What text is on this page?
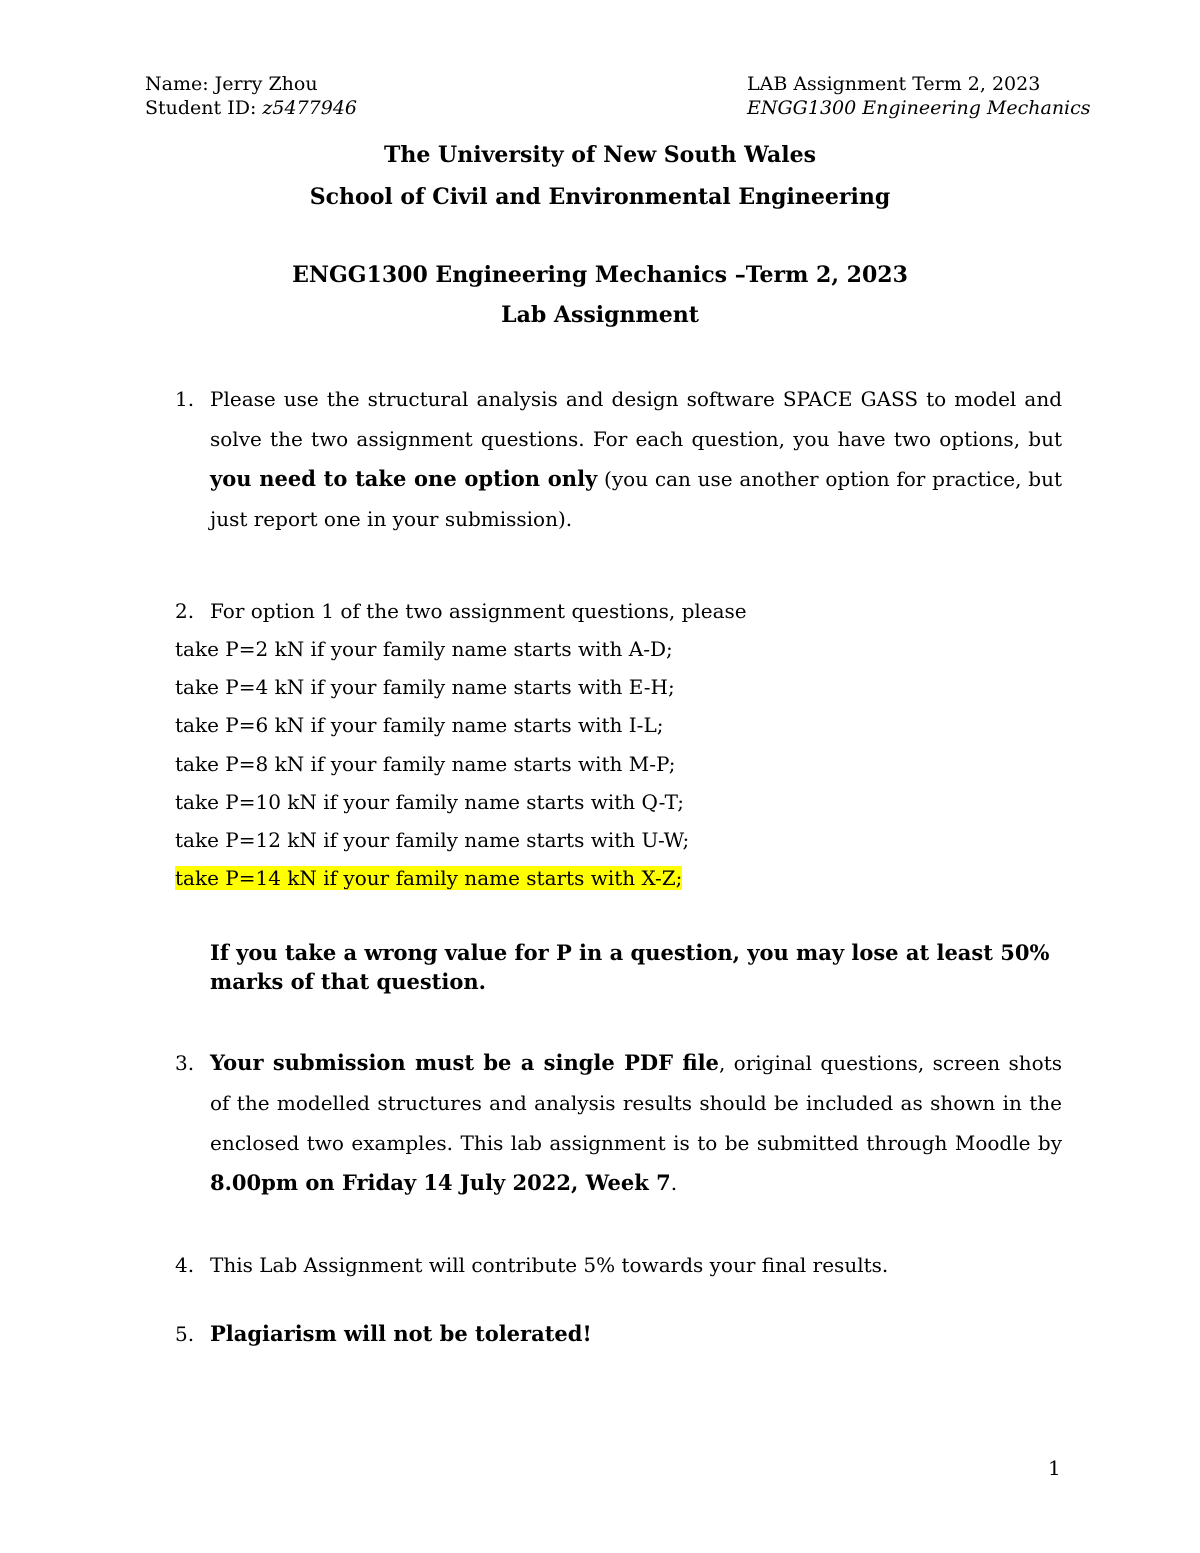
Name: Jerry Zhou
Student ID: z5477946
LAB Assignment Term 2, 2023
ENGG1300 Engineering Mechanics
The University of New South Wales
School of Civil and Environmental Engineering
ENGG1300 Engineering Mechanics –Term 2, 2023
Lab Assignment
1. Please use the structural analysis and design software SPACE GASS to model and solve the two assignment questions. For each question, you have two options, but you need to take one option only (you can use another option for practice, but just report one in your submission).

2. For option 1 of the two assignment questions, please
take P=2 kN if your family name starts with A-D;
take P=4 kN if your family name starts with E-H;
take P=6 kN if your family name starts with I-L;
take P=8 kN if your family name starts with M-P;
take P=10 kN if your family name starts with Q-T;
take P=12 kN if your family name starts with U-W;
take P=14 kN if your family name starts with X-Z;
If you take a wrong value for P in a question, you may lose at least 50% marks of that question.
3. Your submission must be a single PDF file, original questions, screen shots of the modelled structures and analysis results should be included as shown in the enclosed two examples. This lab assignment is to be submitted through Moodle by 8.00pm on Friday 14 July 2022, Week 7.

4. This Lab Assignment will contribute 5% towards your final results.
5. Plagiarism will not be tolerated!
1
